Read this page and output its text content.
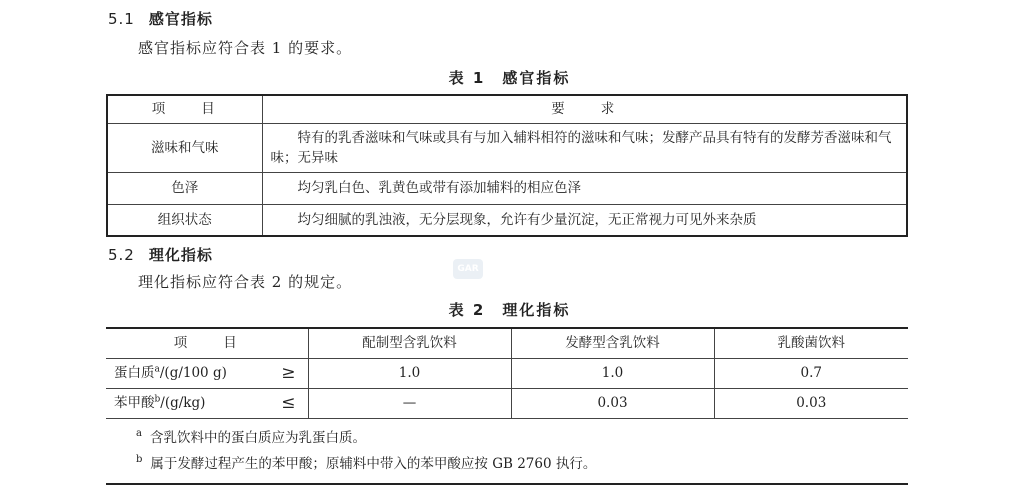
5.1 感官指标
感官指标应符合表 1 的要求。
表 1　感官指标
项　　目	要　　求
滋味和气味	特有的乳香滋味和气味或具有与加入辅料相符的滋味和气味；发酵产品具有特有的发酵芳香滋味和气味；无异味
色泽	均匀乳白色、乳黄色或带有添加辅料的相应色泽
组织状态	均匀细腻的乳浊液，无分层现象，允许有少量沉淀，无正常视力可见外来杂质
5.2 理化指标
GAR
理化指标应符合表 2 的规定。
表 2　理化指标
项　　目	配制型含乳饮料	发酵型含乳饮料	乳酸菌饮料
蛋白质$^a$/(g/100 g) ≥	1.0	1.0	0.7
苯甲酸$^b$/(g/kg) ≤	—	0.03	0.03

$^a$ 含乳饮料中的蛋白质应为乳蛋白质。
$^b$ 属于发酵过程产生的苯甲酸；原辅料中带入的苯甲酸应按 GB 2760 执行。			
